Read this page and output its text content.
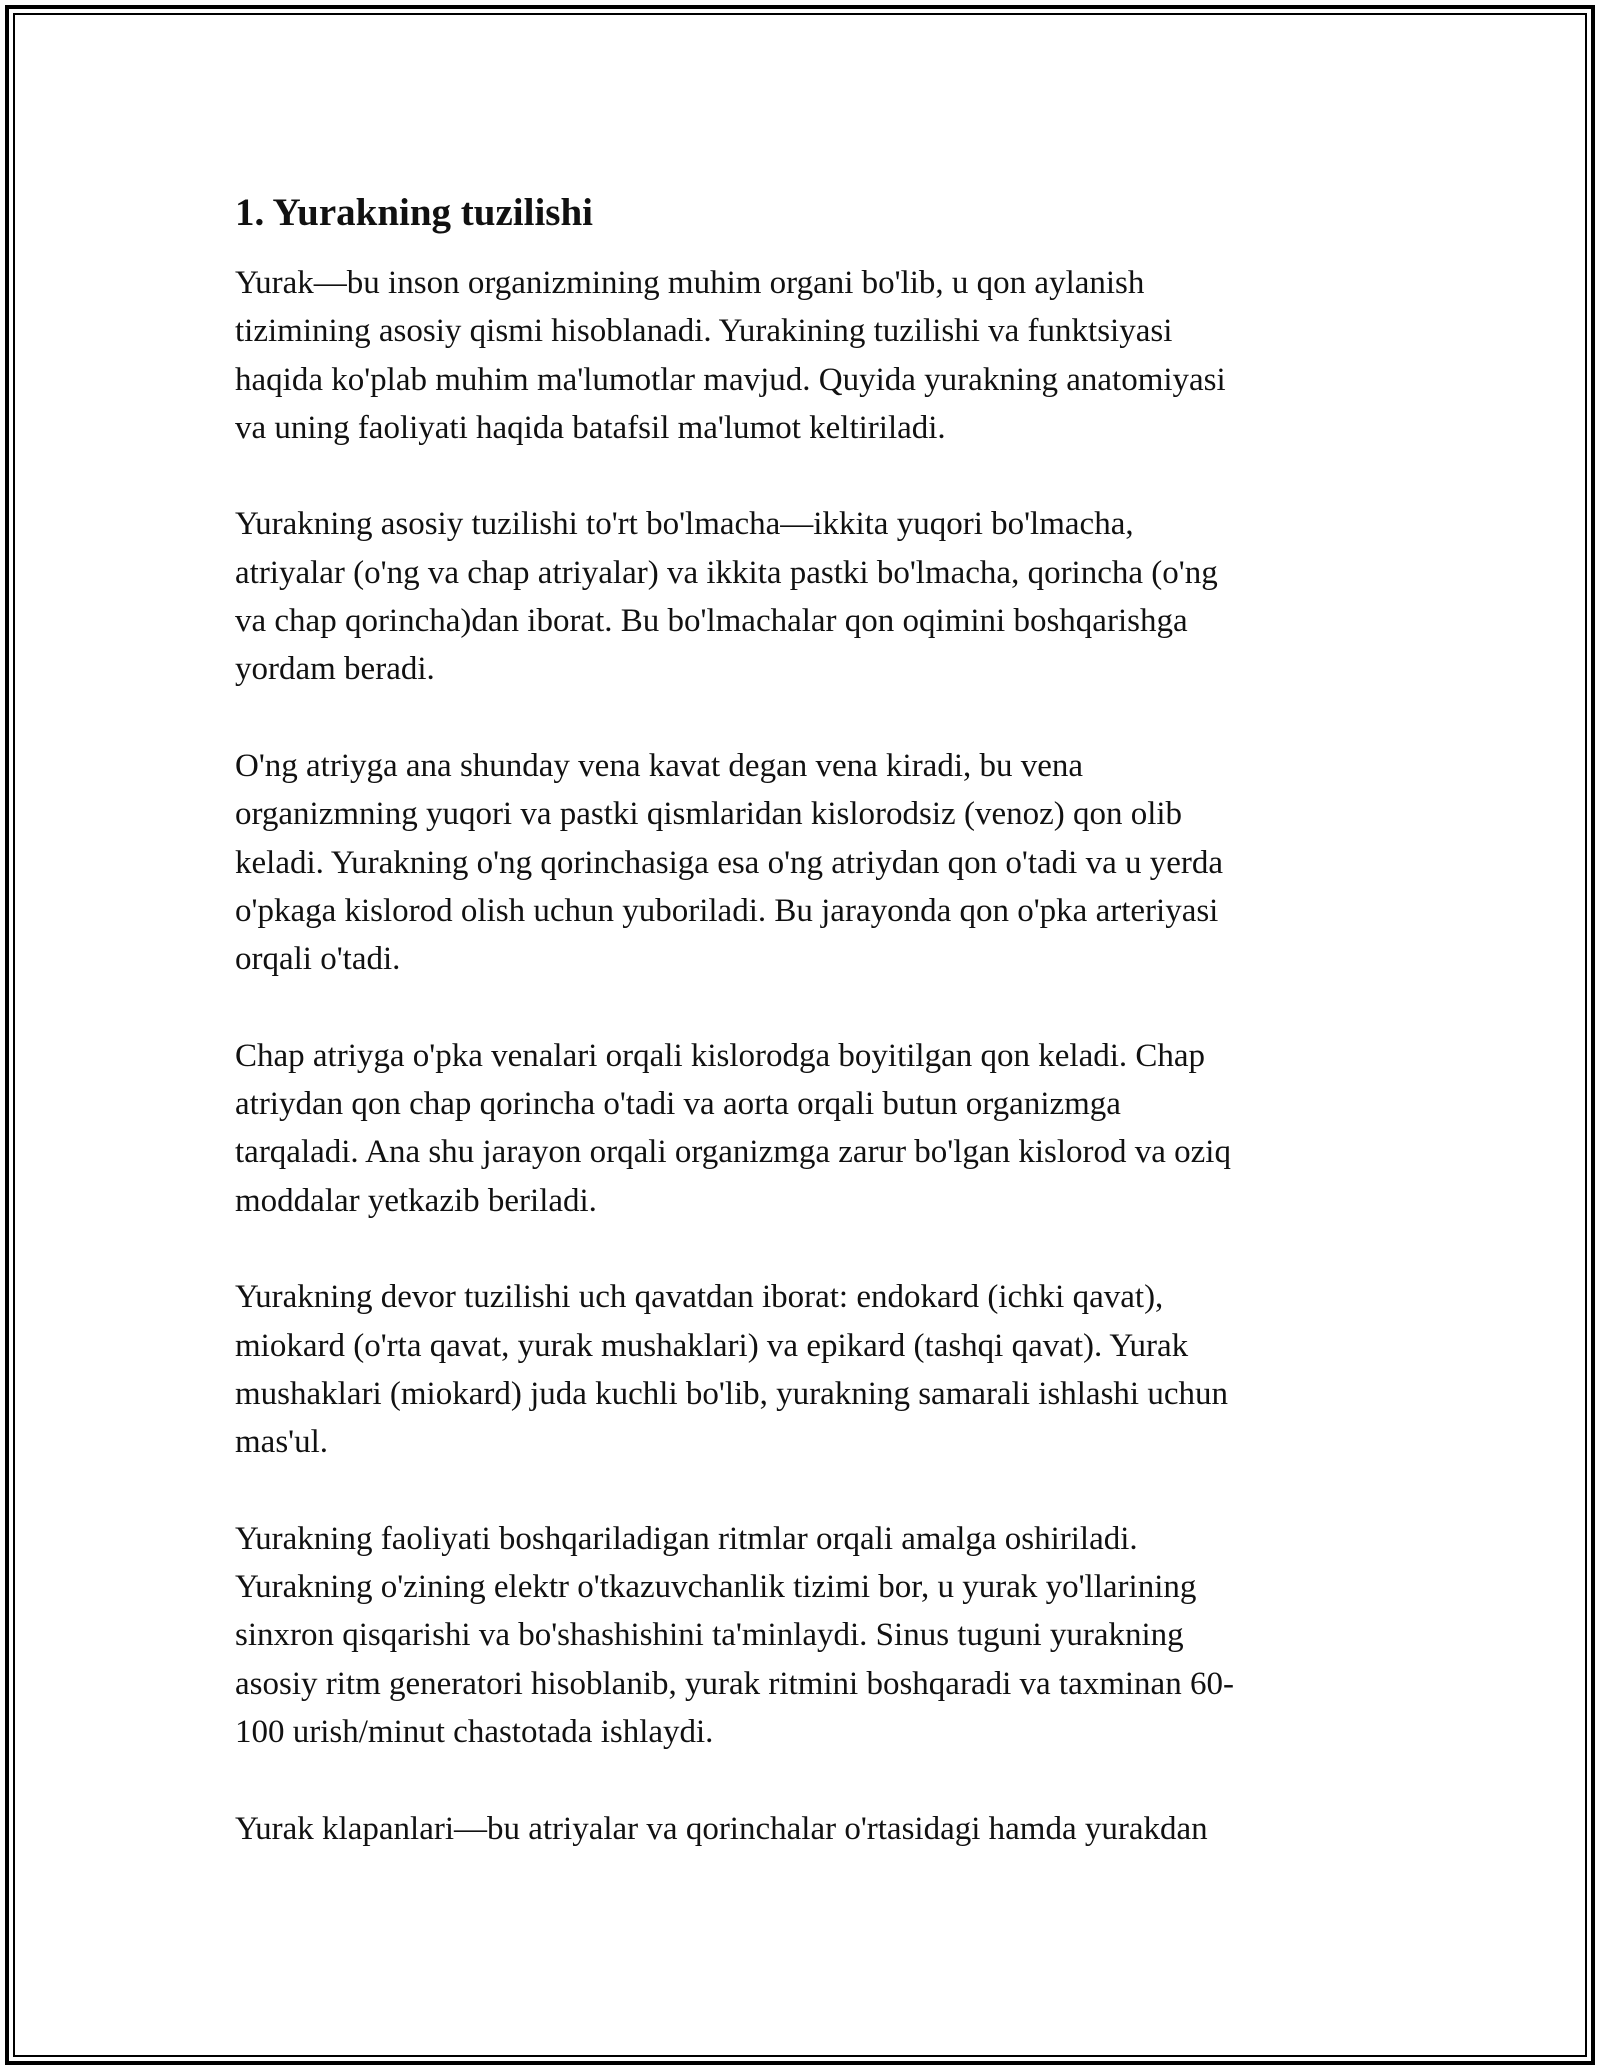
1. Yurakning tuzilishi

Yurak—bu inson organizmining muhim organi bo'lib, u qon aylanish
tizimining asosiy qismi hisoblanadi. Yurakining tuzilishi va funktsiyasi
haqida ko'plab muhim ma'lumotlar mavjud. Quyida yurakning anatomiyasi
va uning faoliyati haqida batafsil ma'lumot keltiriladi.

Yurakning asosiy tuzilishi to'rt bo'lmacha—ikkita yuqori bo'lmacha,
atriyalar (o'ng va chap atriyalar) va ikkita pastki bo'lmacha, qorincha (o'ng
va chap qorincha)dan iborat. Bu bo'lmachalar qon oqimini boshqarishga
yordam beradi.

O'ng atriyga ana shunday vena kavat degan vena kiradi, bu vena
organizmning yuqori va pastki qismlaridan kislorodsiz (venoz) qon olib
keladi. Yurakning o'ng qorinchasiga esa o'ng atriydan qon o'tadi va u yerda
o'pkaga kislorod olish uchun yuboriladi. Bu jarayonda qon o'pka arteriyasi
orqali o'tadi.

Chap atriyga o'pka venalari orqali kislorodga boyitilgan qon keladi. Chap
atriydan qon chap qorincha o'tadi va aorta orqali butun organizmga
tarqaladi. Ana shu jarayon orqali organizmga zarur bo'lgan kislorod va oziq
moddalar yetkazib beriladi.

Yurakning devor tuzilishi uch qavatdan iborat: endokard (ichki qavat),
miokard (o'rta qavat, yurak mushaklari) va epikard (tashqi qavat). Yurak
mushaklari (miokard) juda kuchli bo'lib, yurakning samarali ishlashi uchun
mas'ul.

Yurakning faoliyati boshqariladigan ritmlar orqali amalga oshiriladi.
Yurakning o'zining elektr o'tkazuvchanlik tizimi bor, u yurak yo'llarining
sinxron qisqarishi va bo'shashishini ta'minlaydi. Sinus tuguni yurakning
asosiy ritm generatori hisoblanib, yurak ritmini boshqaradi va taxminan 60-
100 urish/minut chastotada ishlaydi.

Yurak klapanlari—bu atriyalar va qorinchalar o'rtasidagi hamda yurakdan
